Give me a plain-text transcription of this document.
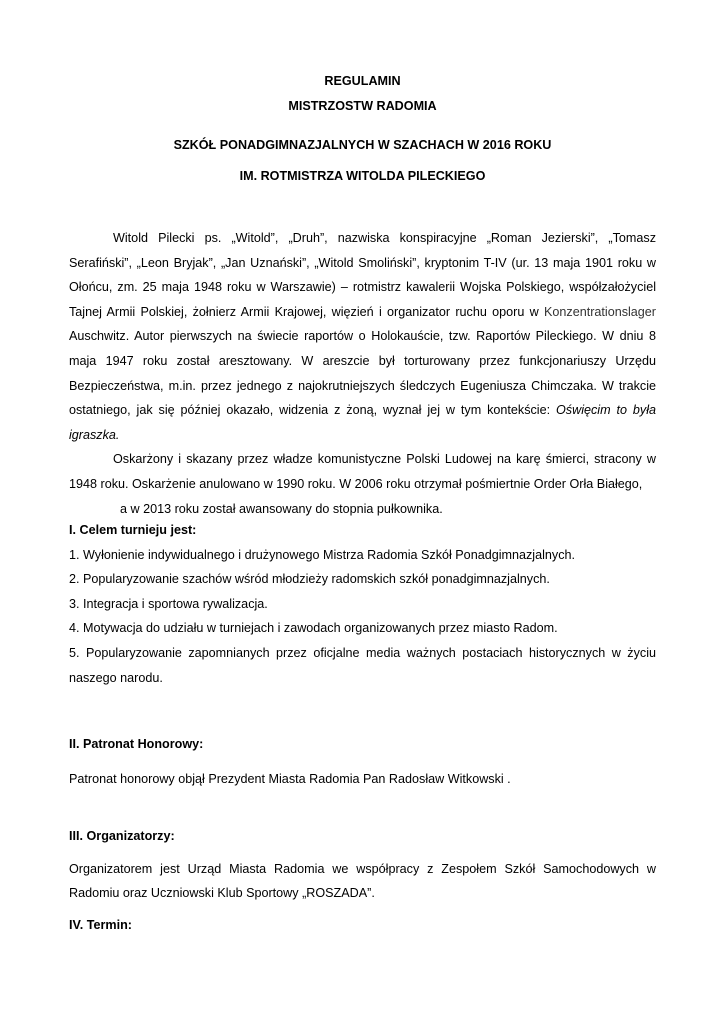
REGULAMIN
MISTRZOSTW RADOMIA
SZKÓŁ PONADGIMNAZJALNYCH W SZACHACH W 2016 ROKU
IM. ROTMISTRZA WITOLDA PILECKIEGO

Witold Pilecki ps. „Witold”, „Druh”, nazwiska konspiracyjne „Roman Jezierski”, „Tomasz Serafiński”, „Leon Bryjak”, „Jan Uznański”, „Witold Smoliński”, kryptonim T-IV (ur. 13 maja 1901 roku w Ołońcu, zm. 25 maja 1948 roku w Warszawie) – rotmistrz kawalerii Wojska Polskiego, współzałożyciel Tajnej Armii Polskiej, żołnierz Armii Krajowej, więzień i organizator ruchu oporu w Konzentrationslager Auschwitz. Autor pierwszych na świecie raportów o Holokauście, tzw. Raportów Pileckiego. W dniu 8 maja 1947 roku został aresztowany. W areszcie był torturowany przez funkcjonariuszy Urzędu Bezpieczeństwa, m.in. przez jednego z najokrutniejszych śledczych Eugeniusza Chimczaka. W trakcie ostatniego, jak się później okazało, widzenia z żoną, wyznał jej w tym kontekście: Oświęcim to była igraszka.

Oskarżony i skazany przez władze komunistyczne Polski Ludowej na karę śmierci, stracony w 1948 roku. Oskarżenie anulowano w 1990 roku. W 2006 roku otrzymał pośmiertnie Order Orła Białego,

a w 2013 roku został awansowany do stopnia pułkownika.

I. Celem turnieju jest:

1. Wyłonienie indywidualnego i drużynowego Mistrza Radomia Szkół Ponadgimnazjalnych.

2. Popularyzowanie szachów wśród młodzieży radomskich szkół ponadgimnazjalnych.

3. Integracja i sportowa rywalizacja.

4. Motywacja do udziału w turniejach i zawodach organizowanych przez miasto Radom.

5. Popularyzowanie zapomnianych przez oficjalne media ważnych postaciach historycznych w życiu naszego narodu.

II. Patronat Honorowy:
Patronat honorowy objął Prezydent Miasta Radomia Pan Radosław Witkowski .
III. Organizatorzy:
Organizatorem jest Urząd Miasta Radomia we współpracy z Zespołem Szkół Samochodowych w Radomiu oraz Uczniowski Klub Sportowy „ROSZADA”.
IV. Termin:
